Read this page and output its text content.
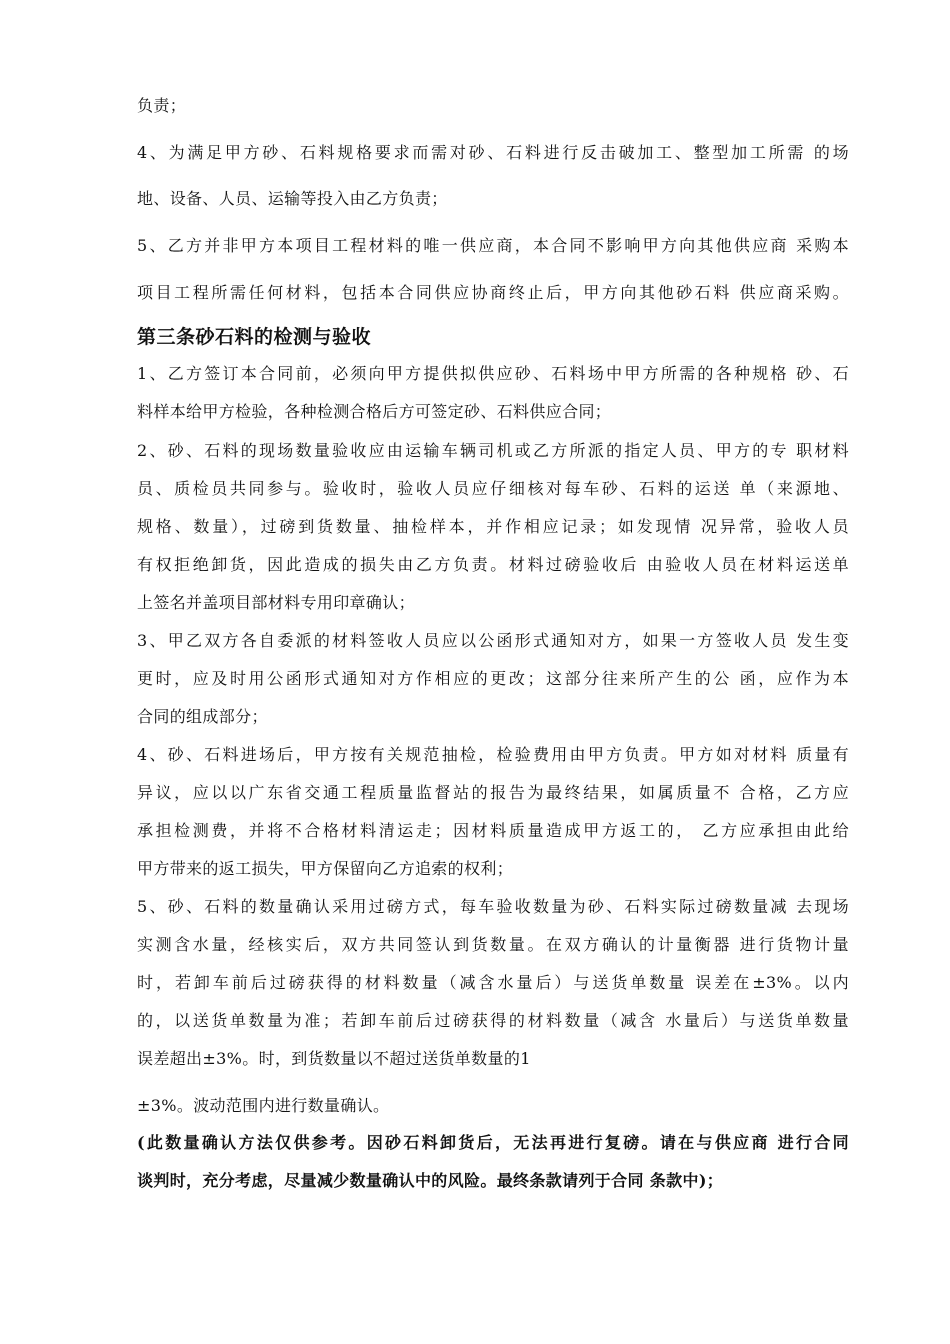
负责；
4、为满足甲方砂、石料规格要求而需对砂、石料进行反击破加工、整型加工所需 的场
地、设备、人员、运输等投入由乙方负责；
5、乙方并非甲方本项目工程材料的唯一供应商，本合同不影响甲方向其他供应商 采购本
项目工程所需任何材料，包括本合同供应协商终止后，甲方向其他砂石料 供应商采购。
第三条砂石料的检测与验收
1、乙方签订本合同前，必须向甲方提供拟供应砂、石料场中甲方所需的各种规格 砂、石
料样本给甲方检验，各种检测合格后方可签定砂、石料供应合同；
2、砂、石料的现场数量验收应由运输车辆司机或乙方所派的指定人员、甲方的专 职材料
员、质检员共同参与。验收时，验收人员应仔细核对每车砂、石料的运送 单（来源地、
规格、数量），过磅到货数量、抽检样本，并作相应记录；如发现情 况异常，验收人员
有权拒绝卸货，因此造成的损失由乙方负责。材料过磅验收后 由验收人员在材料运送单
上签名并盖项目部材料专用印章确认；
3、甲乙双方各自委派的材料签收人员应以公函形式通知对方，如果一方签收人员 发生变
更时，应及时用公函形式通知对方作相应的更改；这部分往来所产生的公 函，应作为本
合同的组成部分；
4、砂、石料进场后，甲方按有关规范抽检，检验费用由甲方负责。甲方如对材料 质量有
异议，应以以广东省交通工程质量监督站的报告为最终结果，如属质量不 合格，乙方应
承担检测费，并将不合格材料清运走；因材料质量造成甲方返工的， 乙方应承担由此给
甲方带来的返工损失，甲方保留向乙方追索的权利；
5、砂、石料的数量确认采用过磅方式，每车验收数量为砂、石料实际过磅数量减 去现场
实测含水量，经核实后，双方共同签认到货数量。在双方确认的计量衡器 进行货物计量
时，若卸车前后过磅获得的材料数量（减含水量后）与送货单数量 误差在±3%。以内
的，以送货单数量为准；若卸车前后过磅获得的材料数量（减含 水量后）与送货单数量
误差超出±3%。时，到货数量以不超过送货单数量的1
±3%。波动范围内进行数量确认。
(此数量确认方法仅供参考。因砂石料卸货后，无法再进行复磅。请在与供应商 进行合同
谈判时，充分考虑，尽量减少数量确认中的风险。最终条款请列于合同 条款中)；
